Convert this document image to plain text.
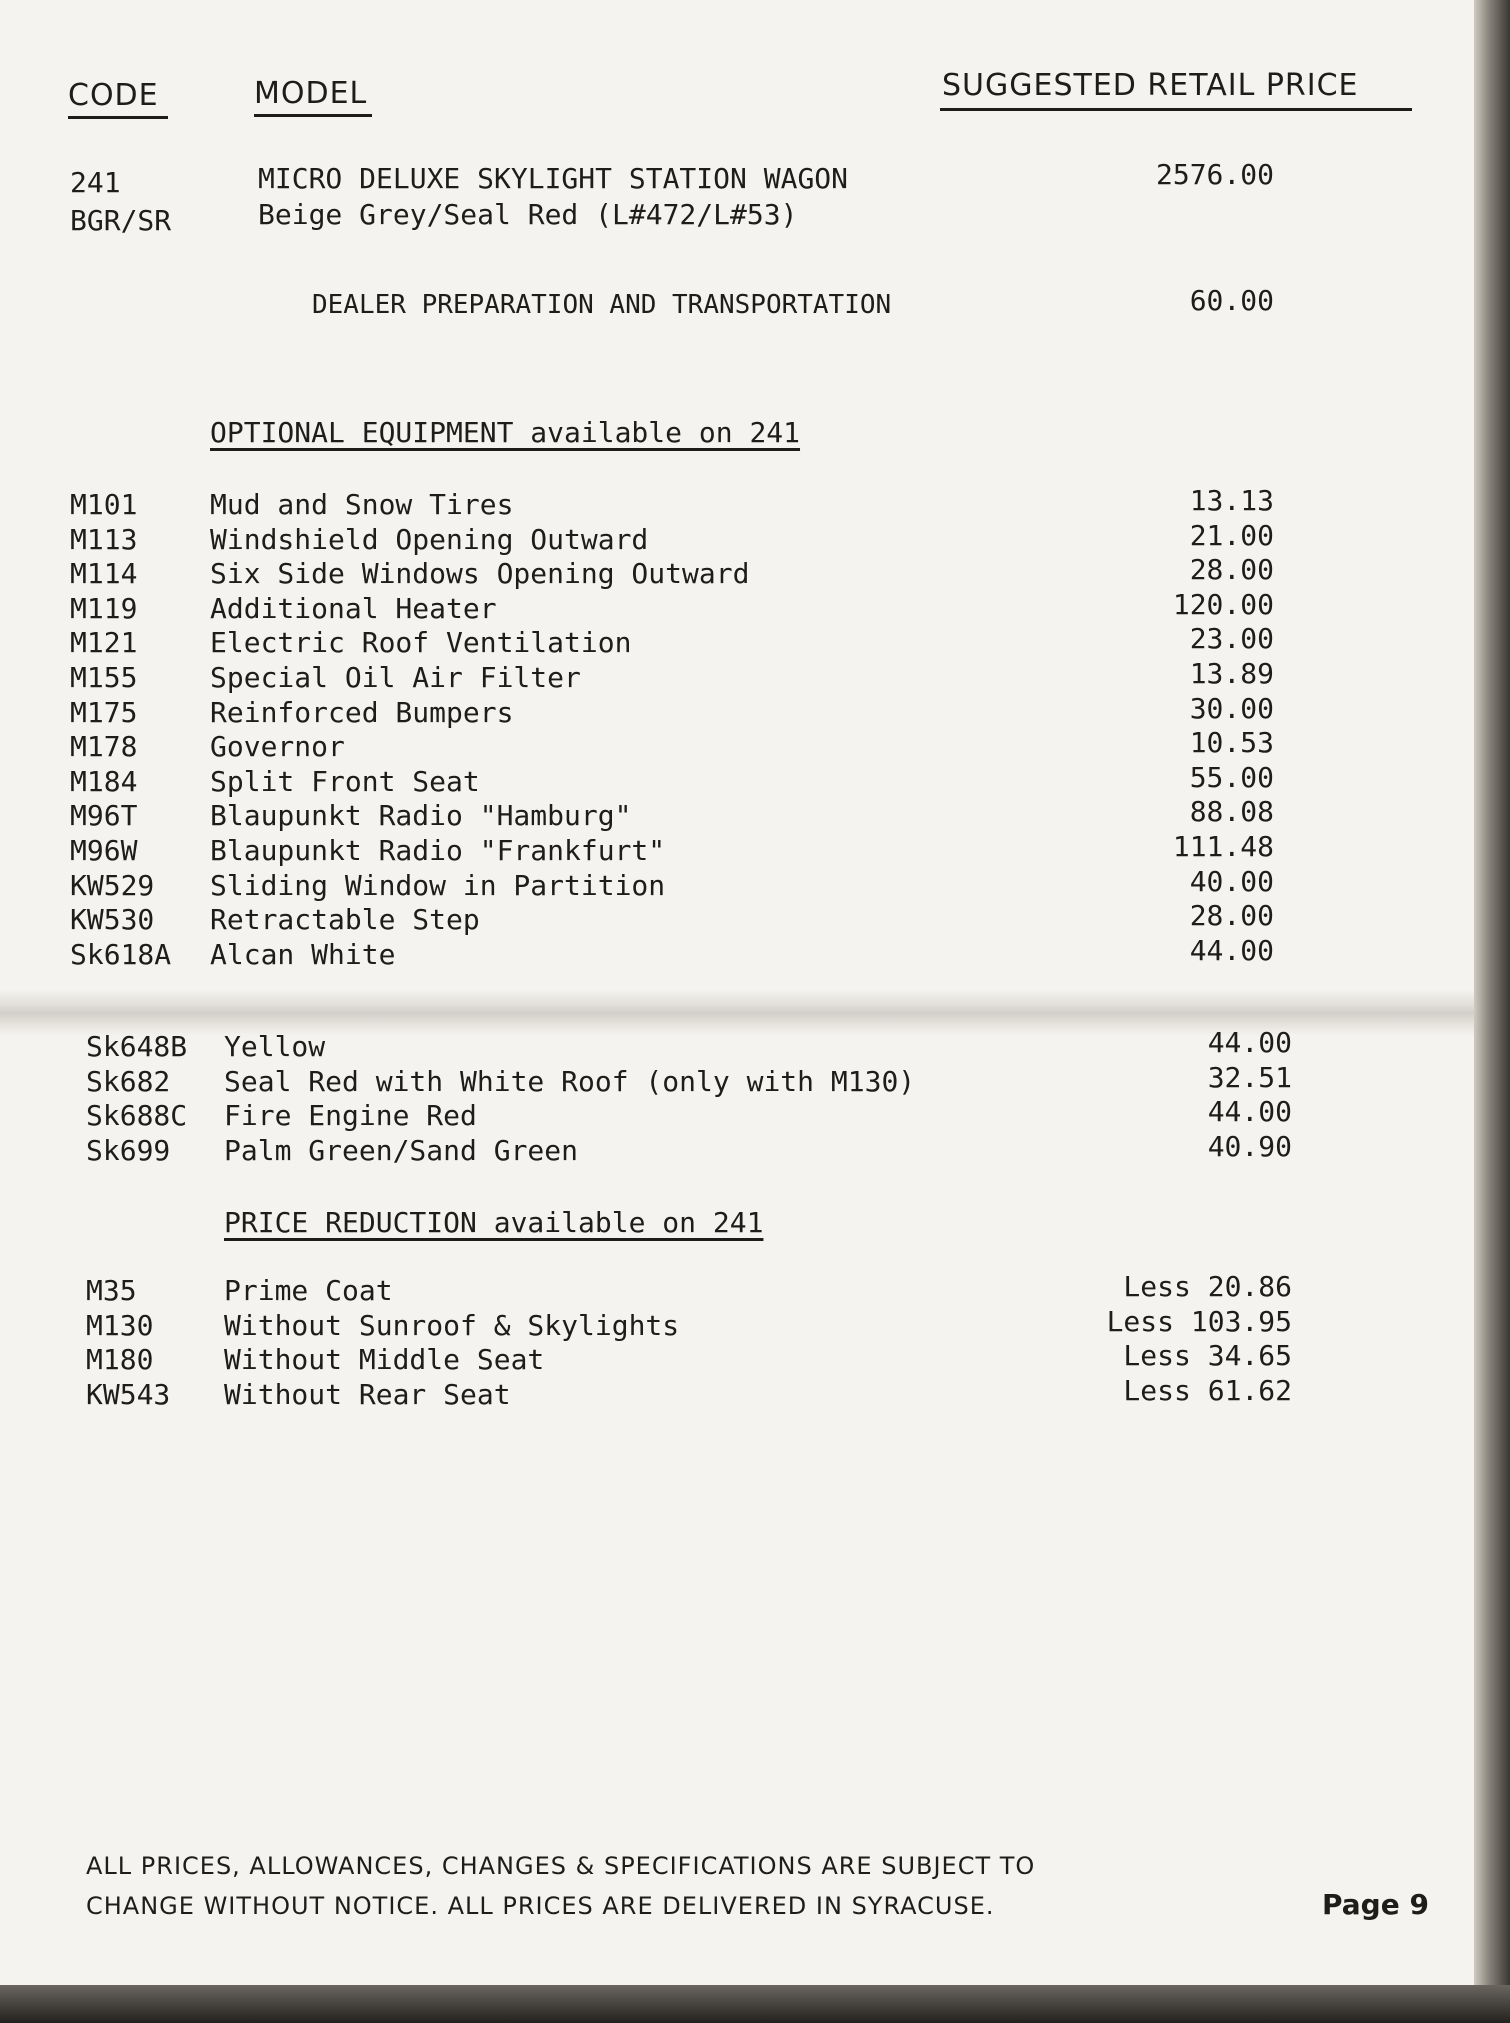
CODE	MODEL	SUGGESTED RETAIL PRICE
241	MICRO DELUXE SKYLIGHT STATION WAGON	2576.00
BGR/SR	Beige Grey/Seal Red (L#472/L#53)
DEALER PREPARATION AND TRANSPORTATION	60.00
OPTIONAL EQUIPMENT available on 241
M101	Mud and Snow Tires	13.13
M113	Windshield Opening Outward	21.00
M114	Six Side Windows Opening Outward	28.00
M119	Additional Heater	120.00
M121	Electric Roof Ventilation	23.00
M155	Special Oil Air Filter	13.89
M175	Reinforced Bumpers	30.00
M178	Governor	10.53
M184	Split Front Seat	55.00
M96T	Blaupunkt Radio "Hamburg"	88.08
M96W	Blaupunkt Radio "Frankfurt"	111.48
KW529 Sliding Window in Partition	40.00
KW530 Retractable Step	28.00
Sk618A Alcan White	44.00
Sk648B Yellow	44.00
Sk682 Seal Red with White Roof (only with M130)	32.51
Sk688C Fire Engine Red	44.00
Sk699 Palm Green/Sand Green	40.90
PRICE REDUCTION available on 241
M35	Prime Coat	Less 20.86
M130	Without Sunroof & Skylights	Less 103.95
M180	Without Middle Seat	Less 34.65
KW543 Without Rear Seat	Less 61.62
ALL PRICES, ALLOWANCES, CHANGES & SPECIFICATIONS ARE SUBJECT TO
CHANGE WITHOUT NOTICE. ALL PRICES ARE DELIVERED IN SYRACUSE.	Page 9
